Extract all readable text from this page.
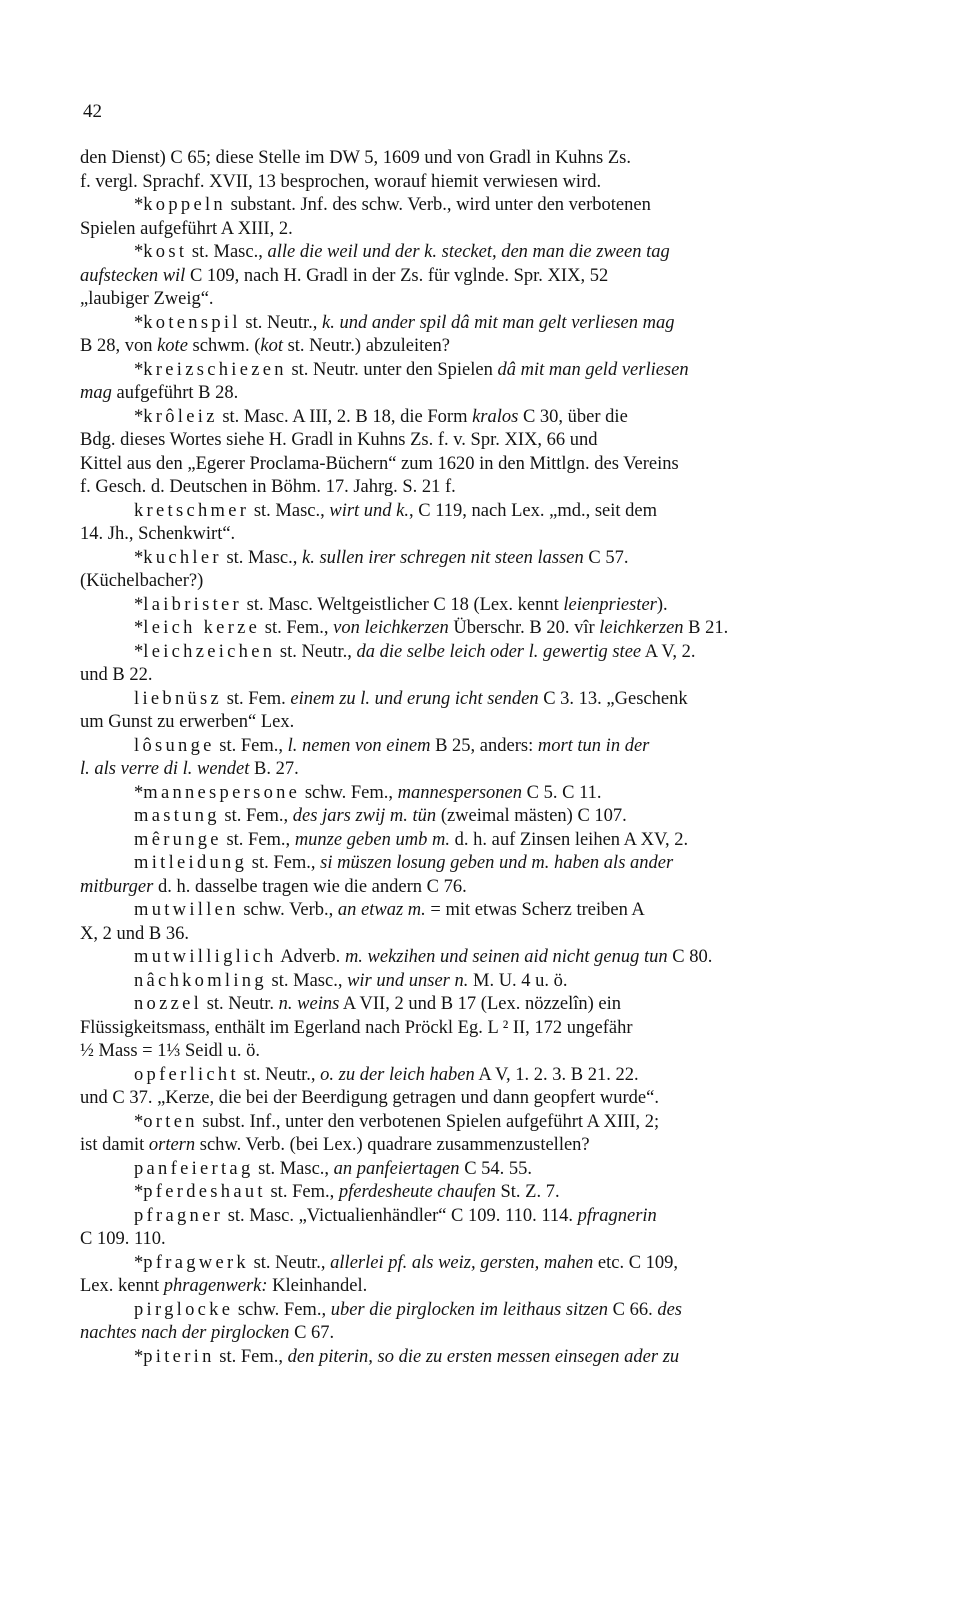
42
den Dienst) C 65; diese Stelle im DW 5, 1609 und von Gradl in Kuhns Zs.
f. vergl. Sprachf. XVII, 13 besprochen, worauf hiemit verwiesen wird.
*koppeln substant. Jnf. des schw. Verb., wird unter den verbotenen
Spielen aufgeführt A XIII, 2.
*kost st. Masc., alle die weil und der k. stecket, den man die zween tag
aufstecken wil C 109, nach H. Gradl in der Zs. für vglnde. Spr. XIX, 52
„laubiger Zweig“.
*kotenspil st. Neutr., k. und ander spil dâ mit man gelt verliesen mag
B 28, von kote schwm. (kot st. Neutr.) abzuleiten?
*kreizschiezen st. Neutr. unter den Spielen dâ mit man geld verliesen
mag aufgeführt B 28.
*krôleiz st. Masc. A III, 2. B 18, die Form kralos C 30, über die
Bdg. dieses Wortes siehe H. Gradl in Kuhns Zs. f. v. Spr. XIX, 66 und
Kittel aus den „Egerer Proclama-Büchern“ zum 1620 in den Mittlgn. des Vereins
f. Gesch. d. Deutschen in Böhm. 17. Jahrg. S. 21 f.
kretschmer st. Masc., wirt und k., C 119, nach Lex. „md., seit dem
14. Jh., Schenkwirt“.
*kuchler st. Masc., k. sullen irer schregen nit steen lassen C 57.
(Küchelbacher?)
*laibrister st. Masc. Weltgeistlicher C 18 (Lex. kennt leienpriester).
*leich kerze st. Fem., von leichkerzen Überschr. B 20. vîr leichkerzen B 21.
*leichzeichen st. Neutr., da die selbe leich oder l. gewertig stee A V, 2.
und B 22.
liebnüsz st. Fem. einem zu l. und erung icht senden C 3. 13. „Geschenk
um Gunst zu erwerben“ Lex.
lôsunge st. Fem., l. nemen von einem B 25, anders: mort tun in der
l. als verre di l. wendet B. 27.
*mannespersone schw. Fem., mannespersonen C 5. C 11.
mastung st. Fem., des jars zwij m. tün (zweimal mästen) C 107.
mêrunge st. Fem., munze geben umb m. d. h. auf Zinsen leihen A XV, 2.
mitleidung st. Fem., si müszen losung geben und m. haben als ander
mitburger d. h. dasselbe tragen wie die andern C 76.
mutwillen schw. Verb., an etwaz m. = mit etwas Scherz treiben A
X, 2 und B 36.
mutwilliglich Adverb. m. wekzihen und seinen aid nicht genug tun C 80.
nâchkomling st. Masc., wir und unser n. M. U. 4 u. ö.
nozzel st. Neutr. n. weins A VII, 2 und B 17 (Lex. nözzelîn) ein
Flüssigkeitsmass, enthält im Egerland nach Pröckl Eg. L ² II, 172 ungefähr
½ Mass = 1⅓ Seidl u. ö.
opferlicht st. Neutr., o. zu der leich haben A V, 1. 2. 3. B 21. 22.
und C 37. „Kerze, die bei der Beerdigung getragen und dann geopfert wurde“.
*orten subst. Inf., unter den verbotenen Spielen aufgeführt A XIII, 2;
ist damit ortern schw. Verb. (bei Lex.) quadrare zusammenzustellen?
panfeiertag st. Masc., an panfeiertagen C 54. 55.
*pferdeshaut st. Fem., pferdesheute chaufen St. Z. 7.
pfragner st. Masc. „Victualienhändler“ C 109. 110. 114. pfragnerin
C 109. 110.
*pfragwerk st. Neutr., allerlei pf. als weiz, gersten, mahen etc. C 109,
Lex. kennt phragenwerk: Kleinhandel.
pirglocke schw. Fem., uber die pirglocken im leithaus sitzen C 66. des
nachtes nach der pirglocken C 67.
*piterin st. Fem., den piterin, so die zu ersten messen einsegen ader zu
